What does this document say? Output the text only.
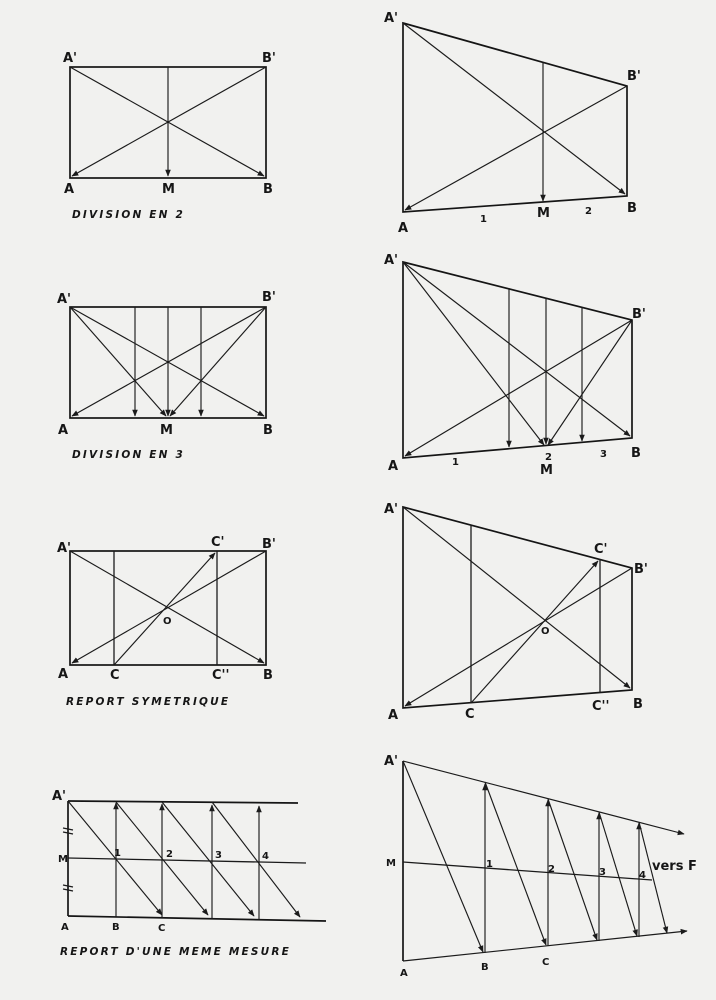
A'	B'
A	M	B
DIVISION EN 2
A'
B'
A
1	M	2	B
A'	B'
A	M	B
DIVISION EN 3
A'
B'
A	1	2
M
3 B
A'	C'	B'
O
A	C	C''	B
REPORT SYMETRIQUE
A'
C'
B'
O
A	C
C'' B
A'
M
1	2	3	4
A	B	C
REPORT D'UNE MEME MESURE
A'
M	1	2	3	4
vers F
A
B	C
